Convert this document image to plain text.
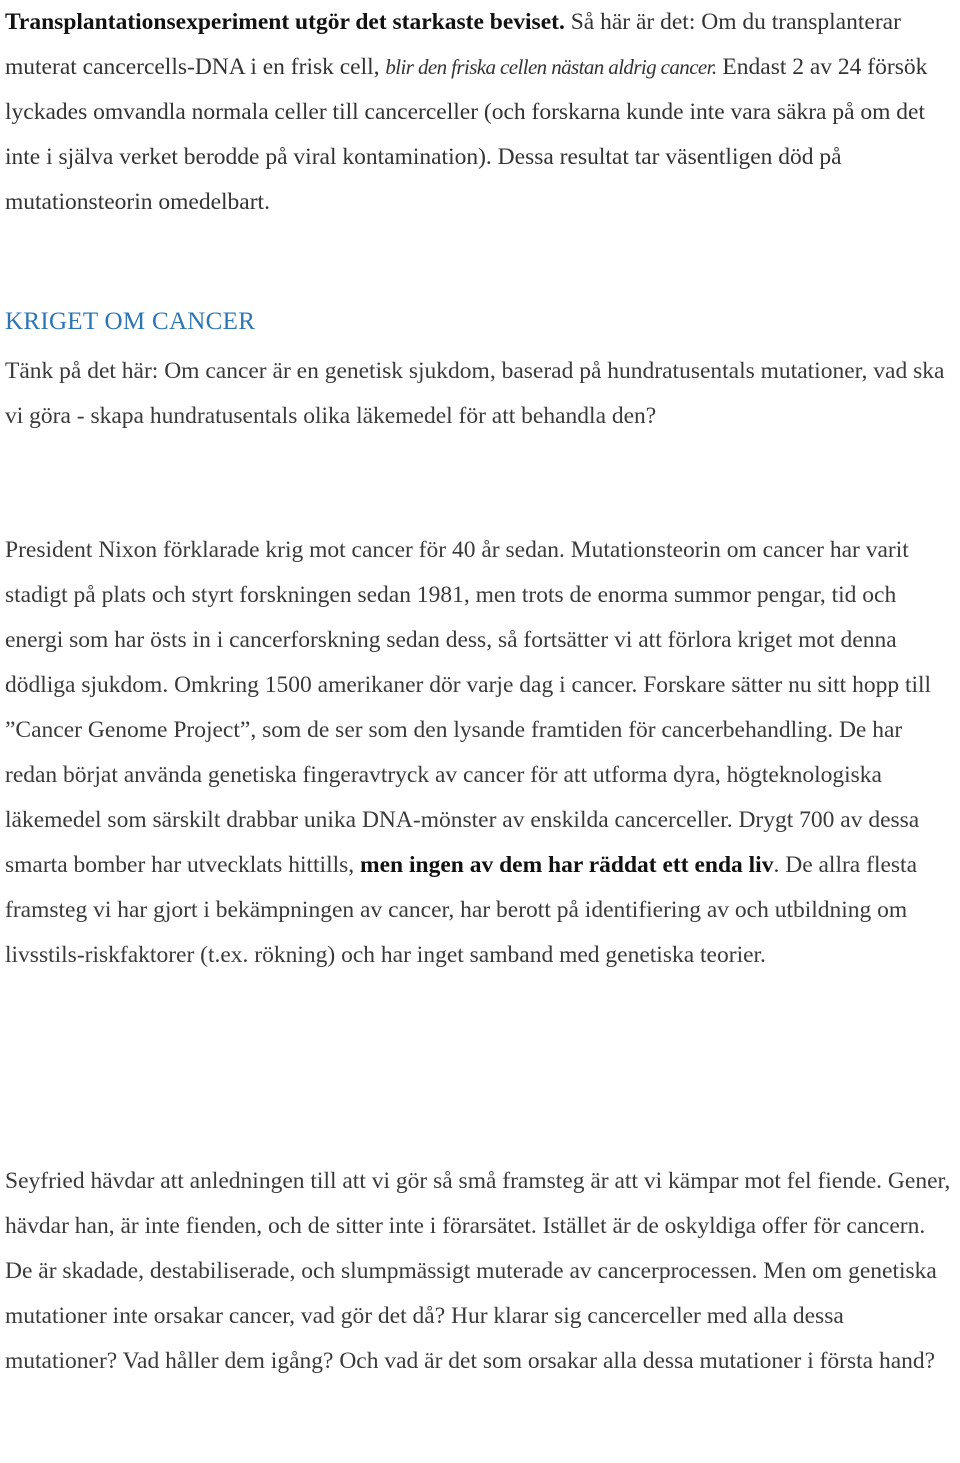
Transplantationsexperiment utgör det starkaste beviset. Så här är det: Om du transplanterar muterat cancercells-DNA i en frisk cell, blir den friska cellen nästan aldrig cancer. Endast 2 av 24 försök lyckades omvandla normala celler till cancerceller (och forskarna kunde inte vara säkra på om det inte i själva verket berodde på viral kontamination). Dessa resultat tar väsentligen död på mutationsteorin omedelbart.

KRIGET OM CANCER

Tänk på det här: Om cancer är en genetisk sjukdom, baserad på hundratusentals mutationer, vad ska vi göra - skapa hundratusentals olika läkemedel för att behandla den?

President Nixon förklarade krig mot cancer för 40 år sedan. Mutationsteorin om cancer har varit stadigt på plats och styrt forskningen sedan 1981, men trots de enorma summor pengar, tid och energi som har östs in i cancerforskning sedan dess, så fortsätter vi att förlora kriget mot denna dödliga sjukdom. Omkring 1500 amerikaner dör varje dag i cancer. Forskare sätter nu sitt hopp till ”Cancer Genome Project”, som de ser som den lysande framtiden för cancerbehandling. De har redan börjat använda genetiska fingeravtryck av cancer för att utforma dyra, högteknologiska läkemedel som särskilt drabbar unika DNA-mönster av enskilda cancerceller. Drygt 700 av dessa smarta bomber har utvecklats hittills, men ingen av dem har räddat ett enda liv. De allra flesta framsteg vi har gjort i bekämpningen av cancer, har berott på identifiering av och utbildning om livsstils-riskfaktorer (t.ex. rökning) och har inget samband med genetiska teorier.

Seyfried hävdar att anledningen till att vi gör så små framsteg är att vi kämpar mot fel fiende. Gener, hävdar han, är inte fienden, och de sitter inte i förarsätet. Istället är de oskyldiga offer för cancern. De är skadade, destabiliserade, och slumpmässigt muterade av cancerprocessen. Men om genetiska mutationer inte orsakar cancer, vad gör det då? Hur klarar sig cancerceller med alla dessa mutationer? Vad håller dem igång? Och vad är det som orsakar alla dessa mutationer i första hand?
